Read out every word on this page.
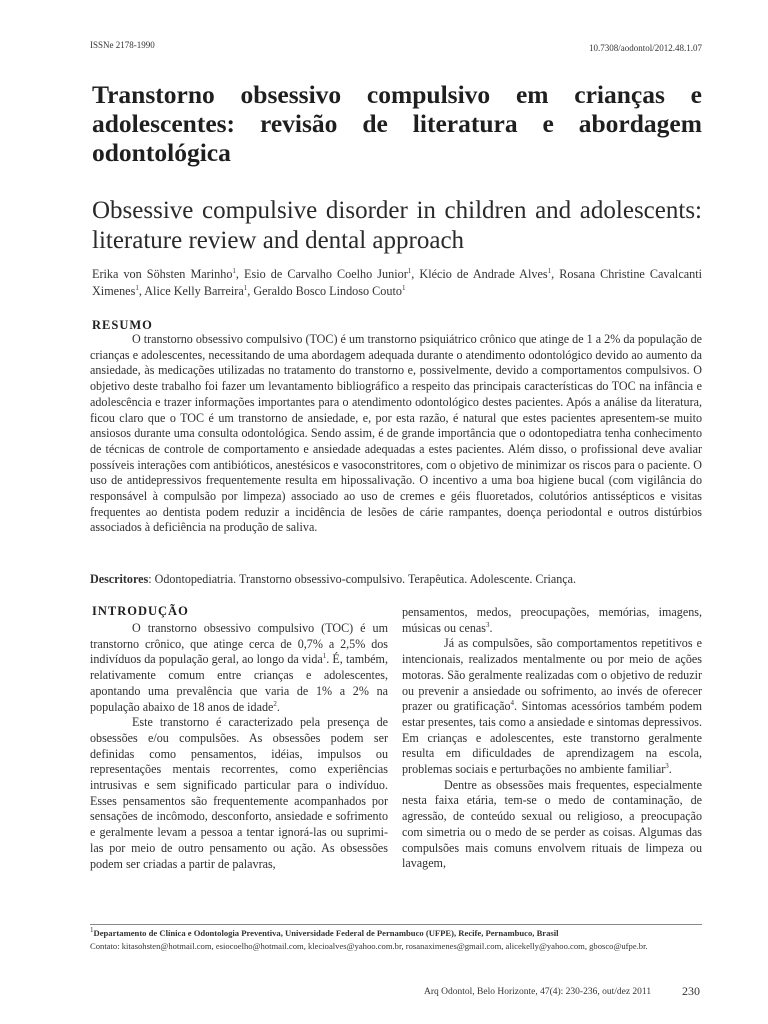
ISSNe 2178-1990	10.7308/aodontol/2012.48.1.07
Transtorno obsessivo compulsivo em crianças e adolescentes: revisão de literatura e abordagem odontológica
Obsessive compulsive disorder in children and adolescents: literature review and dental approach
Erika von Söhsten Marinho$^1$, Esio de Carvalho Coelho Junior$^1$, Klécio de Andrade Alves$^1$, Rosana Christine Cavalcanti Ximenes$^1$, Alice Kelly Barreira$^1$, Geraldo Bosco Lindoso Couto$^1$
RESUMO

O transtorno obsessivo compulsivo (TOC) é um transtorno psiquiátrico crônico que atinge de 1 a 2% da população de crianças e adolescentes, necessitando de uma abordagem adequada durante o atendimento odontológico devido ao aumento da ansiedade, às medicações utilizadas no tratamento do transtorno e, possivelmente, devido a comportamentos compulsivos. O objetivo deste trabalho foi fazer um levantamento bibliográfico a respeito das principais características do TOC na infância e adolescência e trazer informações importantes para o atendimento odontológico destes pacientes. Após a análise da literatura, ficou claro que o TOC é um transtorno de ansiedade, e, por esta razão, é natural que estes pacientes apresentem-se muito ansiosos durante uma consulta odontológica. Sendo assim, é de grande importância que o odontopediatra tenha conhecimento de técnicas de controle de comportamento e ansiedade adequadas a estes pacientes. Além disso, o profissional deve avaliar possíveis interações com antibióticos, anestésicos e vasoconstritores, com o objetivo de minimizar os riscos para o paciente. O uso de antidepressivos frequentemente resulta em hipossalivação. O incentivo a uma boa higiene bucal (com vigilância do responsável à compulsão por limpeza) associado ao uso de cremes e géis fluoretados, colutórios antissépticos e visitas frequentes ao dentista podem reduzir a incidência de lesões de cárie rampantes, doença periodontal e outros distúrbios associados à deficiência na produção de saliva.

Descritores: Odontopediatria. Transtorno obsessivo-compulsivo. Terapêutica. Adolescente. Criança.
INTRODUÇÃO

O transtorno obsessivo compulsivo (TOC) é um transtorno crônico, que atinge cerca de 0,7% a 2,5% dos indivíduos da população geral, ao longo da vida$^1$. É, também, relativamente comum entre crianças e adolescentes, apontando uma prevalência que varia de 1% a 2% na população abaixo de 18 anos de idade$^2$.

Este transtorno é caracterizado pela presença de obsessões e/ou compulsões. As obsessões podem ser definidas como pensamentos, idéias, impulsos ou representações mentais recorrentes, como experiências intrusivas e sem significado particular para o indivíduo. Esses pensamentos são frequentemente acompanhados por sensações de incômodo, desconforto, ansiedade e sofrimento e geralmente levam a pessoa a tentar ignorá-las ou suprimi-las por meio de outro pensamento ou ação. As obsessões podem ser criadas a partir de palavras,

pensamentos, medos, preocupações, memórias, imagens, músicas ou cenas$^3$.

Já as compulsões, são comportamentos repetitivos e intencionais, realizados mentalmente ou por meio de ações motoras. São geralmente realizadas com o objetivo de reduzir ou prevenir a ansiedade ou sofrimento, ao invés de oferecer prazer ou gratificação$^4$. Sintomas acessórios também podem estar presentes, tais como a ansiedade e sintomas depressivos. Em crianças e adolescentes, este transtorno geralmente resulta em dificuldades de aprendizagem na escola, problemas sociais e perturbações no ambiente familiar$^3$.

Dentre as obsessões mais frequentes, especialmente nesta faixa etária, tem-se o medo de contaminação, de agressão, de conteúdo sexual ou religioso, a preocupação com simetria ou o medo de se perder as coisas. Algumas das compulsões mais comuns envolvem rituais de limpeza ou lavagem,

$^1$Departamento de Clínica e Odontologia Preventiva, Universidade Federal de Pernambuco (UFPE), Recife, Pernambuco, Brasil
Contato: kitasohsten@hotmail.com, esiocoelho@hotmail.com, klecioalves@yahoo.com.br, rosanaximenes@gmail.com, alicekelly@yahoo.com, gbosco@ufpe.br.
Arq Odontol, Belo Horizonte, 47(4): 230-236, out/dez 2011	230
